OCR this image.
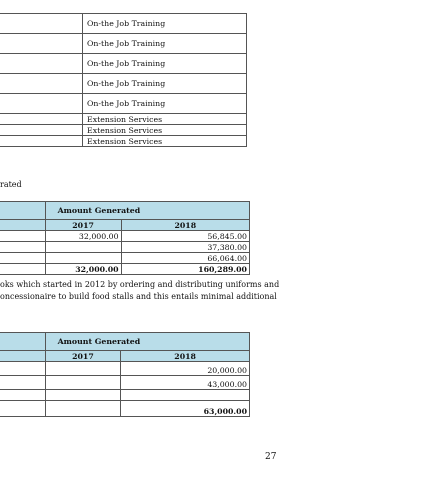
	On-the Job Training
	On-the Job Training
	On-the Job Training
	On-the Job Training
	On-the Job Training
	Extension Services
	Extension Services
	Extension Services
rated
	Amount Generated	
	2017	2018
	32,000.00	56,845.00
		37,380.00
		66,064.00
	32,000.00	160,289.00
oks which started in 2012 by ordering and distributing uniforms and
oncessionaire to build food stalls and this entails minimal additional
	Amount Generated	
	2017	2018
		20,000.00
		43,000.00

		63,000.00
27
